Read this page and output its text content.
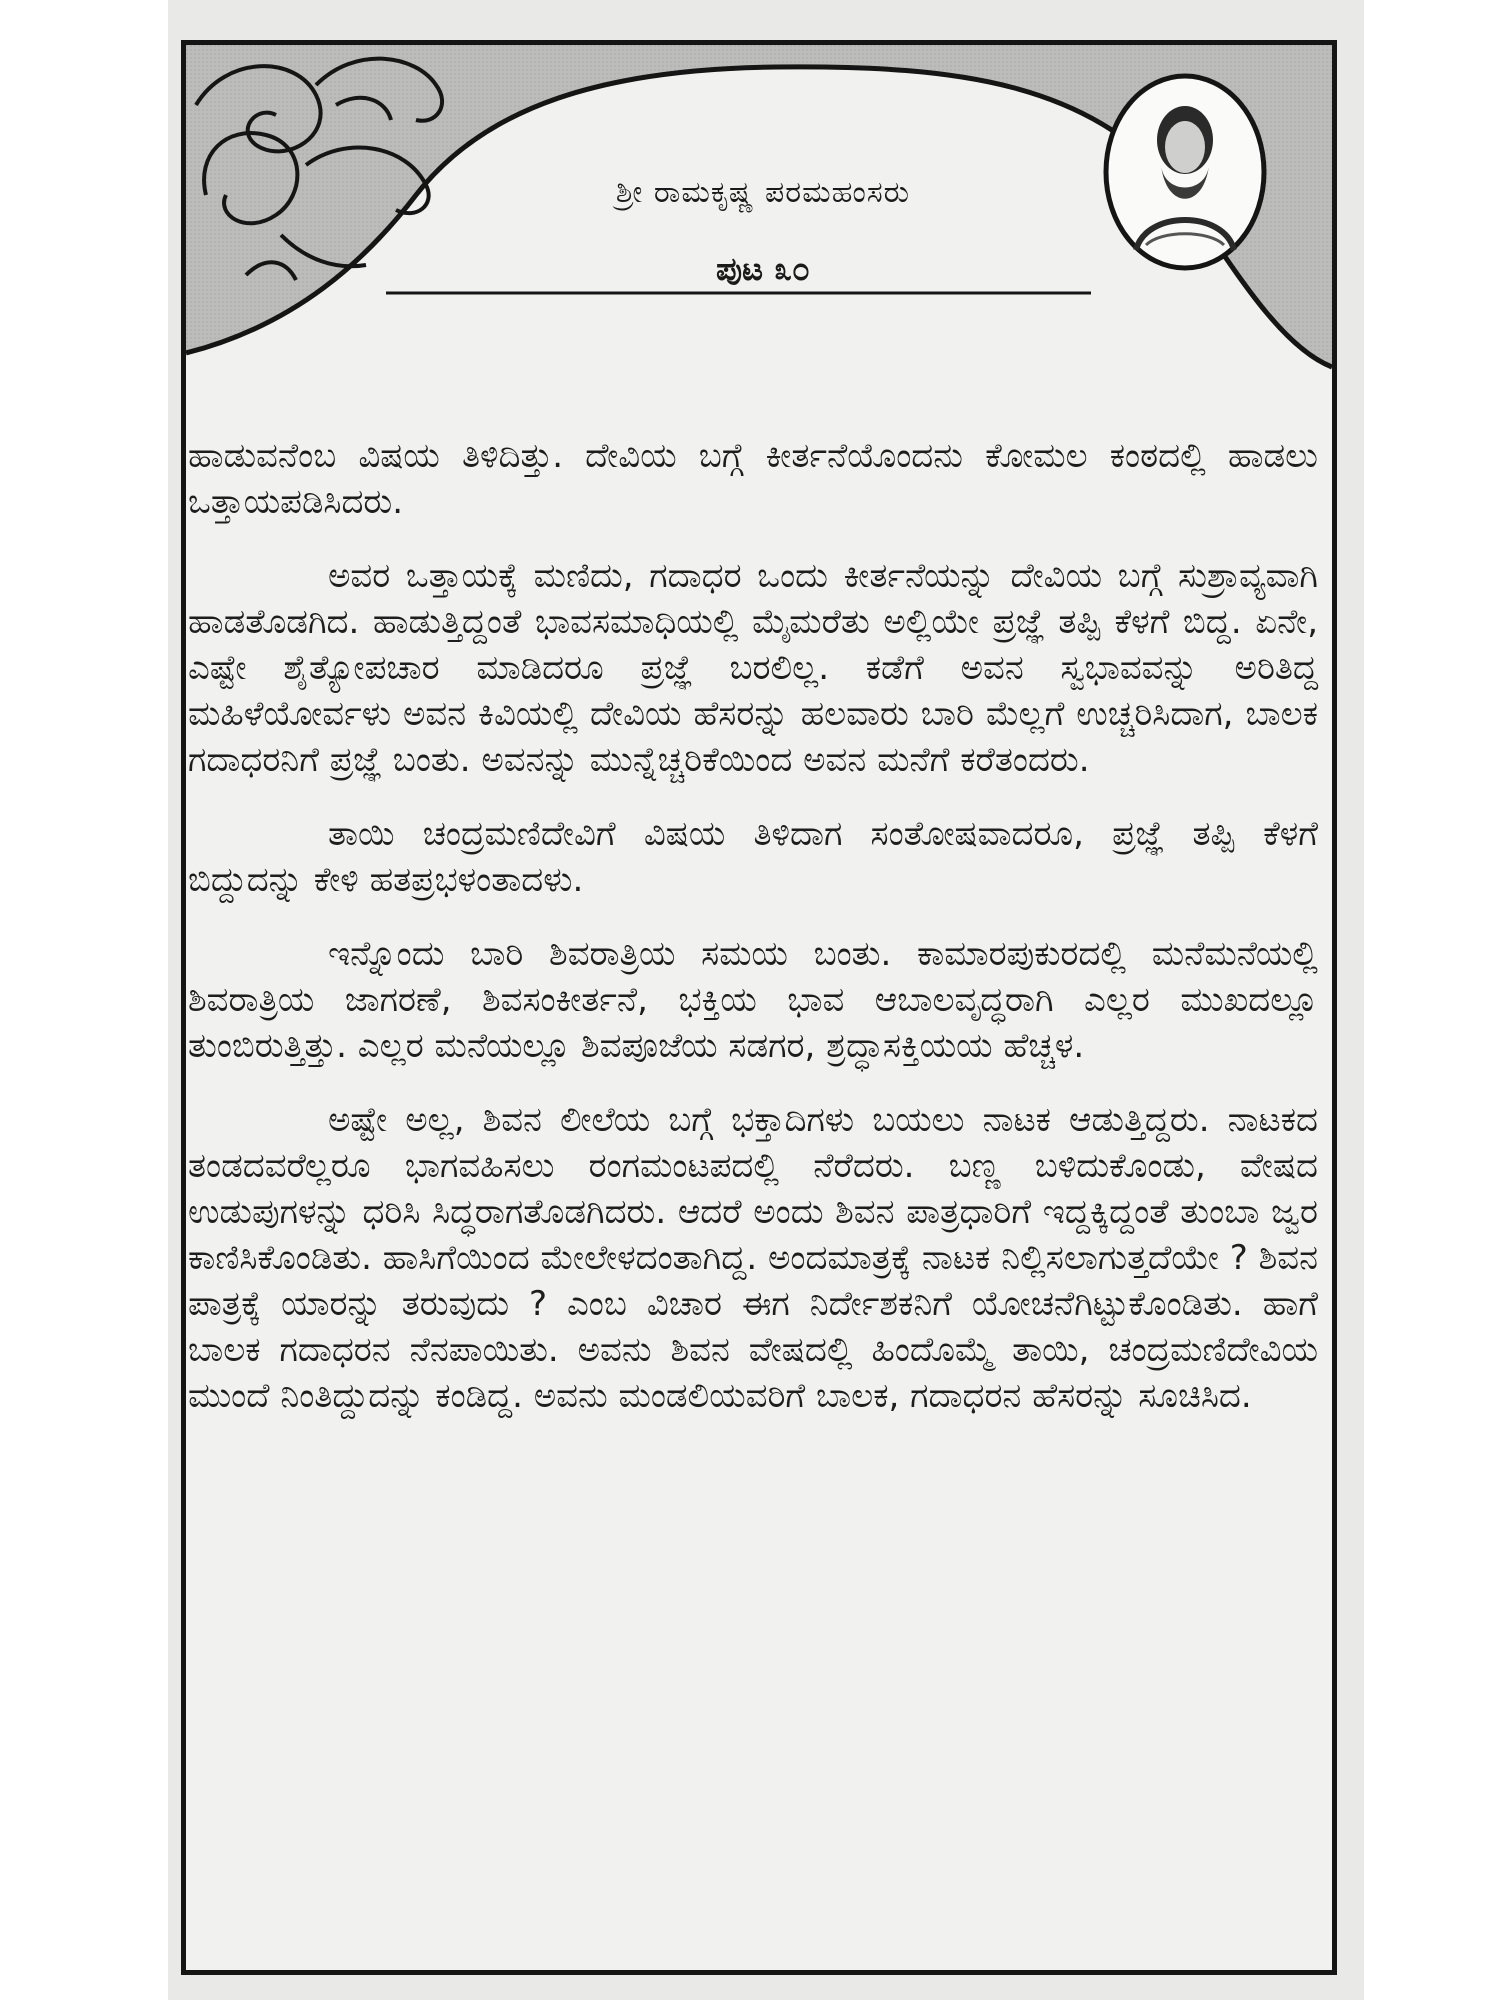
ಶ್ರೀ ರಾಮಕೃಷ್ಣ ಪರಮಹಂಸರು
ಪುಟ ೩೦

ಹಾಡುವನೆಂಬ ವಿಷಯ ತಿಳಿದಿತ್ತು. ದೇವಿಯ ಬಗ್ಗೆ ಕೀರ್ತನೆಯೊಂದನು ಕೋಮಲ ಕಂಠದಲ್ಲಿ ಹಾಡಲು ಒತ್ತಾಯಪಡಿಸಿದರು.

ಅವರ ಒತ್ತಾಯಕ್ಕೆ ಮಣಿದು, ಗದಾಧರ ಒಂದು ಕೀರ್ತನೆಯನ್ನು ದೇವಿಯ ಬಗ್ಗೆ ಸುಶ್ರಾವ್ಯವಾಗಿ ಹಾಡತೊಡಗಿದ. ಹಾಡುತ್ತಿದ್ದಂತೆ ಭಾವಸಮಾಧಿಯಲ್ಲಿ ಮೈಮರೆತು ಅಲ್ಲಿಯೇ ಪ್ರಜ್ಞೆ ತಪ್ಪಿ ಕೆಳಗೆ ಬಿದ್ದ. ಏನೇ, ಎಷ್ಟೇ ಶೈತ್ಯೋಪಚಾರ ಮಾಡಿದರೂ ಪ್ರಜ್ಞೆ ಬರಲಿಲ್ಲ. ಕಡೆಗೆ ಅವನ ಸ್ವಭಾವವನ್ನು ಅರಿತಿದ್ದ ಮಹಿಳೆಯೋರ್ವಳು ಅವನ ಕಿವಿಯಲ್ಲಿ ದೇವಿಯ ಹೆಸರನ್ನು ಹಲವಾರು ಬಾರಿ ಮೆಲ್ಲಗೆ ಉಚ್ಚರಿಸಿದಾಗ, ಬಾಲಕ ಗದಾಧರನಿಗೆ ಪ್ರಜ್ಞೆ ಬಂತು. ಅವನನ್ನು ಮುನ್ನೆಚ್ಚರಿಕೆಯಿಂದ ಅವನ ಮನೆಗೆ ಕರೆತಂದರು.

ತಾಯಿ ಚಂದ್ರಮಣಿದೇವಿಗೆ ವಿಷಯ ತಿಳಿದಾಗ ಸಂತೋಷವಾದರೂ, ಪ್ರಜ್ಞೆ ತಪ್ಪಿ ಕೆಳಗೆ ಬಿದ್ದುದನ್ನು ಕೇಳಿ ಹತಪ್ರಭಳಂತಾದಳು.

ಇನ್ನೊಂದು ಬಾರಿ ಶಿವರಾತ್ರಿಯ ಸಮಯ ಬಂತು. ಕಾಮಾರಪುಕುರದಲ್ಲಿ ಮನೆಮನೆಯಲ್ಲಿ ಶಿವರಾತ್ರಿಯ ಜಾಗರಣೆ, ಶಿವಸಂಕೀರ್ತನೆ, ಭಕ್ತಿಯ ಭಾವ ಆಬಾಲವೃದ್ಧರಾಗಿ ಎಲ್ಲರ ಮುಖದಲ್ಲೂ ತುಂಬಿರುತ್ತಿತ್ತು. ಎಲ್ಲರ ಮನೆಯಲ್ಲೂ ಶಿವಪೂಜೆಯ ಸಡಗರ, ಶ್ರದ್ಧಾಸಕ್ತಿಯಯ ಹೆಚ್ಚಳ.

ಅಷ್ಟೇ ಅಲ್ಲ, ಶಿವನ ಲೀಲೆಯ ಬಗ್ಗೆ ಭಕ್ತಾದಿಗಳು ಬಯಲು ನಾಟಕ ಆಡುತ್ತಿದ್ದರು. ನಾಟಕದ ತಂಡದವರೆಲ್ಲರೂ ಭಾಗವಹಿಸಲು ರಂಗಮಂಟಪದಲ್ಲಿ ನೆರೆದರು. ಬಣ್ಣ ಬಳಿದುಕೊಂಡು, ವೇಷದ ಉಡುಪುಗಳನ್ನು ಧರಿಸಿ ಸಿದ್ಧರಾಗತೊಡಗಿದರು. ಆದರೆ ಅಂದು ಶಿವನ ಪಾತ್ರಧಾರಿಗೆ ಇದ್ದಕ್ಕಿದ್ದಂತೆ ತುಂಬಾ ಜ್ವರ ಕಾಣಿಸಿಕೊಂಡಿತು. ಹಾಸಿಗೆಯಿಂದ ಮೇಲೇಳದಂತಾಗಿದ್ದ. ಅಂದಮಾತ್ರಕ್ಕೆ ನಾಟಕ ನಿಲ್ಲಿಸಲಾಗುತ್ತದೆಯೇ ? ಶಿವನ ಪಾತ್ರಕ್ಕೆ ಯಾರನ್ನು ತರುವುದು ? ಎಂಬ ವಿಚಾರ ಈಗ ನಿರ್ದೇಶಕನಿಗೆ ಯೋಚನೆಗಿಟ್ಟುಕೊಂಡಿತು. ಹಾಗೆ ಬಾಲಕ ಗದಾಧರನ ನೆನಪಾಯಿತು. ಅವನು ಶಿವನ ವೇಷದಲ್ಲಿ ಹಿಂದೊಮ್ಮೆ ತಾಯಿ, ಚಂದ್ರಮಣಿದೇವಿಯ ಮುಂದೆ ನಿಂತಿದ್ದುದನ್ನು ಕಂಡಿದ್ದ. ಅವನು ಮಂಡಲಿಯವರಿಗೆ ಬಾಲಕ, ಗದಾಧರನ ಹೆಸರನ್ನು ಸೂಚಿಸಿದ.
